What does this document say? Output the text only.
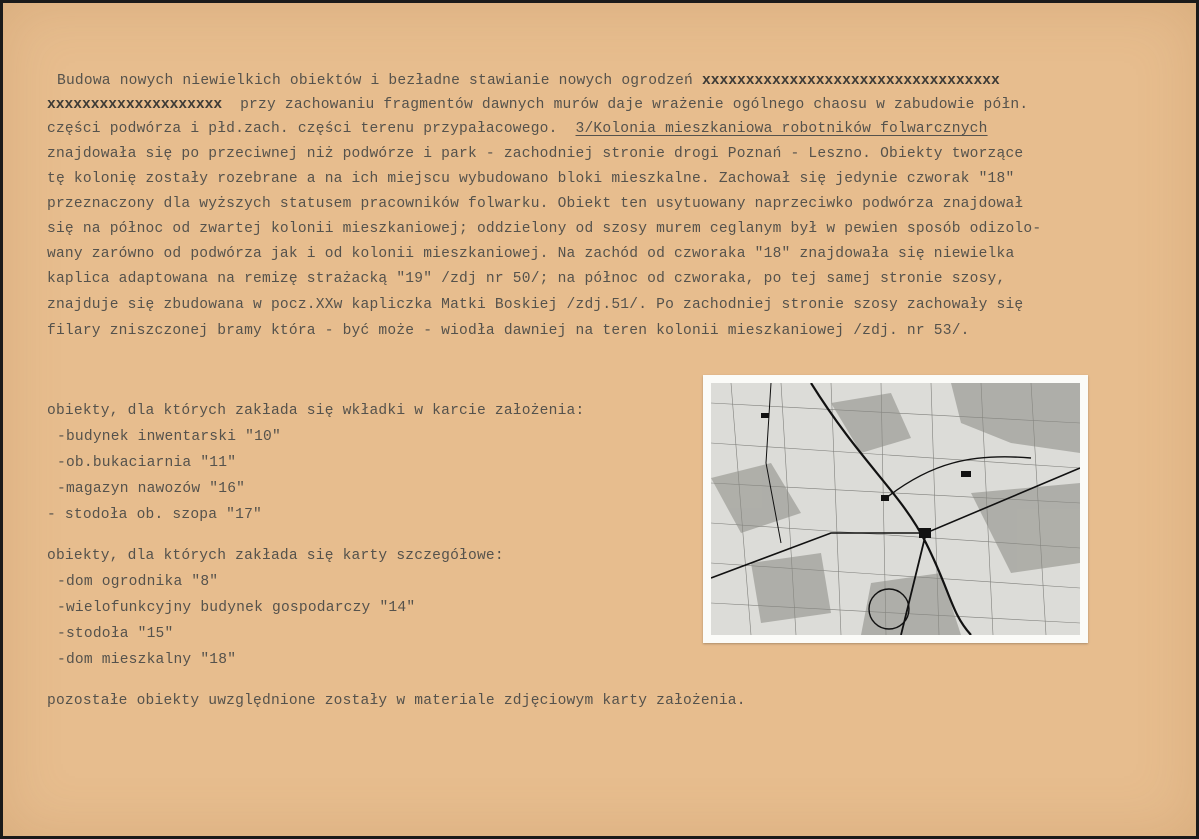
Budowa nowych niewielkich obiektów i bezładne stawianie nowych ogrodzeń xxxxxxxxxxxxxxxxxxxxxxxxxxxxxxxxxx

xxxxxxxxxxxxxxxxxxxx  przy zachowaniu fragmentów dawnych murów daje wrażenie ogólnego chaosu w zabudowie półn.

części podwórza i płd.zach. części terenu przypałacowego.  3/Kolonia mieszkaniowa robotników folwarcznych

znajdowała się po przeciwnej niż podwórze i park - zachodniej stronie drogi Poznań - Leszno. Obiekty tworzące

tę kolonię zostały rozebrane a na ich miejscu wybudowano bloki mieszkalne. Zachował się jedynie czworak "18"

przeznaczony dla wyższych statusem pracowników folwarku. Obiekt ten usytuowany naprzeciwko podwórza znajdował

się na północ od zwartej kolonii mieszkaniowej; oddzielony od szosy murem ceglanym był w pewien sposób odizolo-

wany zarówno od podwórza jak i od kolonii mieszkaniowej. Na zachód od czworaka "18" znajdowała się niewielka

kaplica adaptowana na remizę strażacką "19" /zdj nr 50/; na północ od czworaka, po tej samej stronie szosy,

znajduje się zbudowana w pocz.XXw kapliczka Matki Boskiej /zdj.51/. Po zachodniej stronie szosy zachowały się

filary zniszczonej bramy która - być może - wiodła dawniej na teren kolonii mieszkaniowej /zdj. nr 53/.

obiekty, dla których zakłada się wkładki w karcie założenia:

-budynek inwentarski "10"

-ob.bukaciarnia "11"

-magazyn nawozów "16"

- stodoła ob. szopa "17"

obiekty, dla których zakłada się karty szczegółowe:

-dom ogrodnika "8"

-wielofunkcyjny budynek gospodarczy "14"

-stodoła "15"

-dom mieszkalny "18"

pozostałe obiekty uwzględnione zostały w materiale zdjęciowym karty założenia.
